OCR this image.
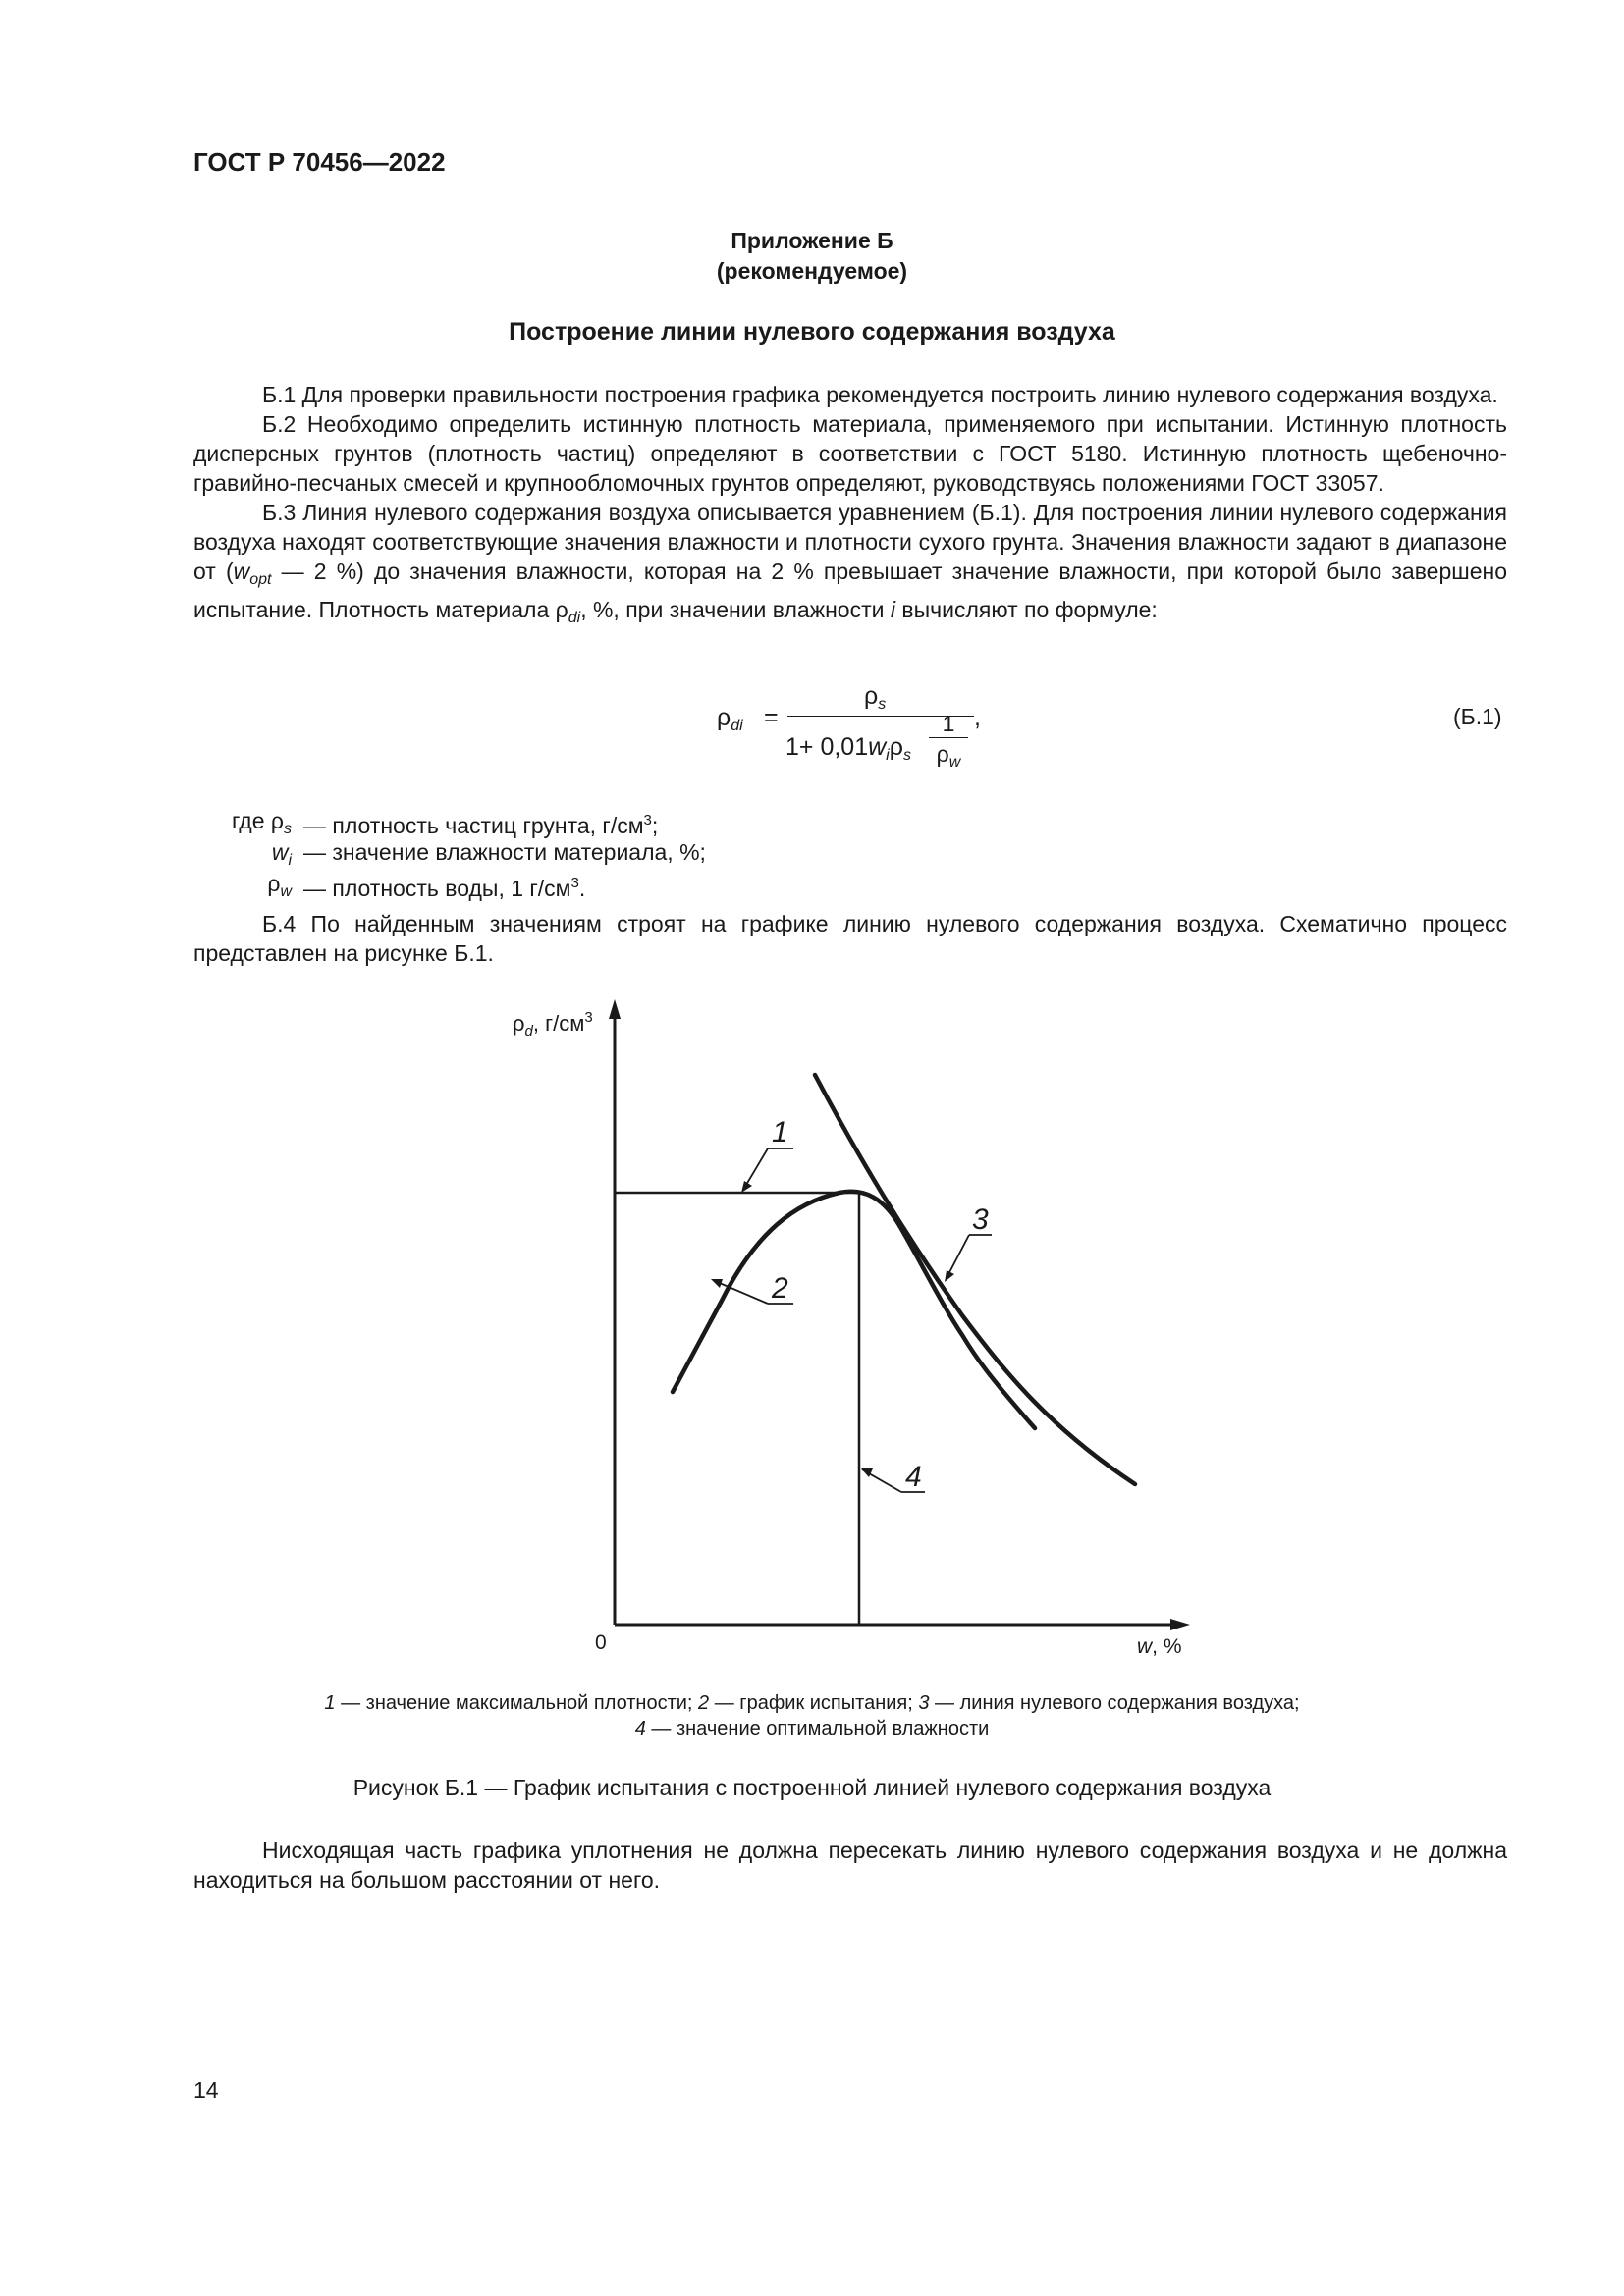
ГОСТ Р 70456—2022
Приложение Б
(рекомендуемое)
Построение линии нулевого содержания воздуха

Б.1 Для проверки правильности построения графика рекомендуется построить линию нулевого содержания воздуха.

Б.2 Необходимо определить истинную плотность материала, применяемого при испытании. Истинную плотность дисперсных грунтов (плотность частиц) определяют в соответствии с ГОСТ 5180. Истинную плотность щебеночно-гравийно-песчаных смесей и крупнообломочных грунтов определяют, руководствуясь положениями ГОСТ 33057.

Б.3 Линия нулевого содержания воздуха описывается уравнением (Б.1). Для построения линии нулевого содержания воздуха находят соответствующие значения влажности и плотности сухого грунта. Значения влажности задают в диапазоне от ($w_{opt}$ — 2 %) до значения влажности, которая на 2 % превышает значение влажности, при которой было завершено испытание. Плотность материала $\rho_{di}$, %, при значении влажности i вычисляют по формуле:

$\rho_{di}$ =
$\rho_s$	,
$1+ 0,01w_i\rho_s$
1
$\rho_w$
(Б.1)
где $\rho_s$ — плотность частиц грунта, $г/см^3$;
$w_i$ — значение влажности материала, %;
$\rho_w$ — плотность воды, 1 $г/см^3$.

Б.4 По найденным значениям строят на графике линию нулевого содержания воздуха. Схематично процесс представлен на рисунке Б.1.

$\rho_d$, $г/см^3$
0	w, %
1
2
3
4
1 — значение максимальной плотности; 2 — график испытания; 3 — линия нулевого содержания воздуха;
4 — значение оптимальной влажности
Рисунок Б.1 — График испытания с построенной линией нулевого содержания воздуха

Нисходящая часть графика уплотнения не должна пересекать линию нулевого содержания воздуха и не должна находиться на большом расстоянии от него.

14
